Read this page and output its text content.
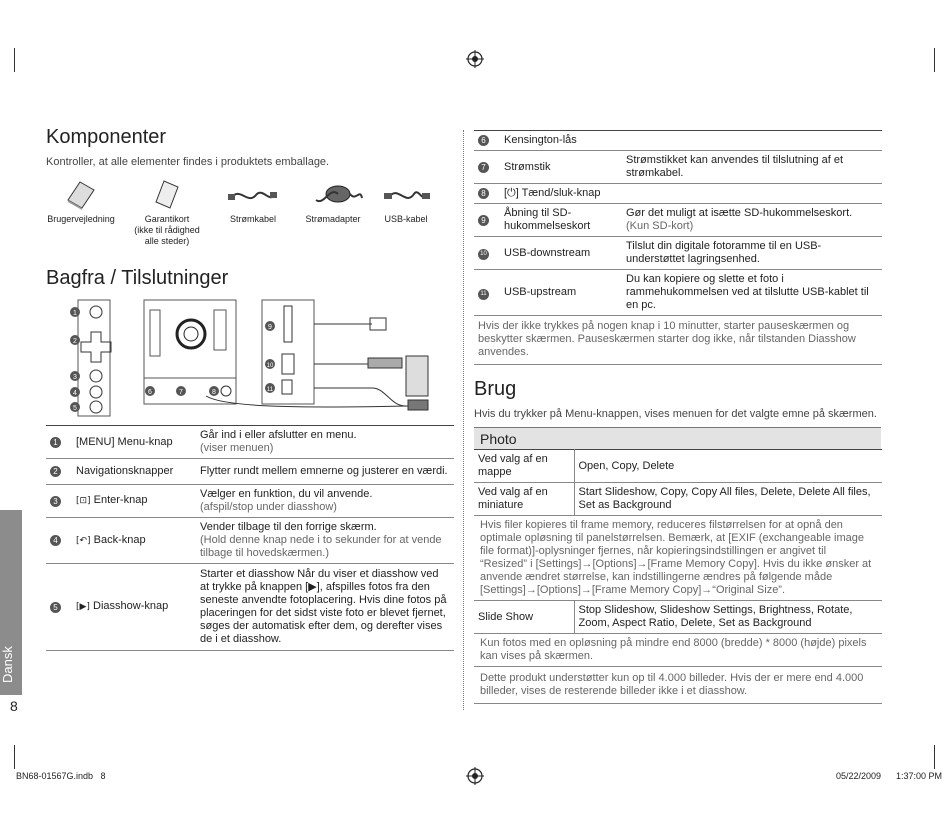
Komponenter
Kontroller, at alle elementer findes i produktets emballage.
Brugervejledning	Garantikort
(ikke til rådighed alle steder)
Strømkabel	Strømadapter	USB-kabel
Bagfra / Tilslutninger
1
2
3
4
5
6	7	8
9
10
11
1	[MENU] Menu-knap	Går ind i eller afslutter en menu.
(viser menuen)

2	Navigationsknapper	Flytter rundt mellem emnerne og justerer en værdi.
3	[⊡] Enter-knap	Vælger en funktion, du vil anvende.
(afspil/stop under diasshow)

4	[↶] Back-knap	Vender tilbage til den forrige skærm.
(Hold denne knap nede i to sekunder for at vende tilbage til hovedskærmen.)

5	[▶] Diasshow-knap	Starter et diasshow Når du viser et diasshow ved at trykke på knappen [▶], afspilles fotos fra den seneste anvendte fotoplacering. Hvis dine fotos på placeringen for det sidst viste foto er blevet fjernet, søges der automatisk efter dem, og derefter vises de i et diasshow.
6	Kensington-lås	
7	Strømstik	Strømstikket kan anvendes til tilslutning af et strømkabel.
8	[⏻] Tænd/sluk-knap	
9	Åbning til SD-hukommelseskort	Gør det muligt at isætte SD-hukommelseskort.
(Kun SD-kort)

10	USB-downstream	Tilslut din digitale fotoramme til en USB-understøttet lagringsenhed.
11	USB-upstream	Du kan kopiere og slette et foto i rammehukommelsen ved at tilslutte USB-kablet til en pc.
Hvis der ikke trykkes på nogen knap i 10 minutter, starter pauseskærmen og beskytter skærmen. Pauseskærmen starter dog ikke, når tilstanden Diasshow anvendes.		
Brug
Hvis du trykker på Menu-knappen, vises menuen for det valgte emne på skærmen.
Photo
Ved valg af en mappe	Open, Copy, Delete
Ved valg af en miniature	Start Slideshow, Copy, Copy All files, Delete, Delete All files, Set as Background
Hvis filer kopieres til frame memory, reduceres filstørrelsen for at opnå den optimale opløsning til panelstørrelsen. Bemærk, at [EXIF (exchangeable image file format)]-oplysninger fjernes, når kopieringsindstillingen er angivet til “Resized” i [Settings]→[Options]→[Frame Memory Copy]. Hvis du ikke ønsker at anvende ændret størrelse, kan indstillingerne ændres på følgende måde [Settings]→[Options]→[Frame Memory Copy]→“Original Size”.	
Slide Show	Stop Slideshow, Slideshow Settings, Brightness, Rotate, Zoom, Aspect Ratio, Delete, Set as Background
Kun fotos med en opløsning på mindre end 8000 (bredde) * 8000 (højde) pixels kan vises på skærmen.	
Dette produkt understøtter kun op til 4.000 billeder. Hvis der er mere end 4.000 billeder, vises de resterende billeder ikke i et diasshow.	
Dansk
8
BN68-01567G.indb   8	05/22/2009 1:37:00 PM
